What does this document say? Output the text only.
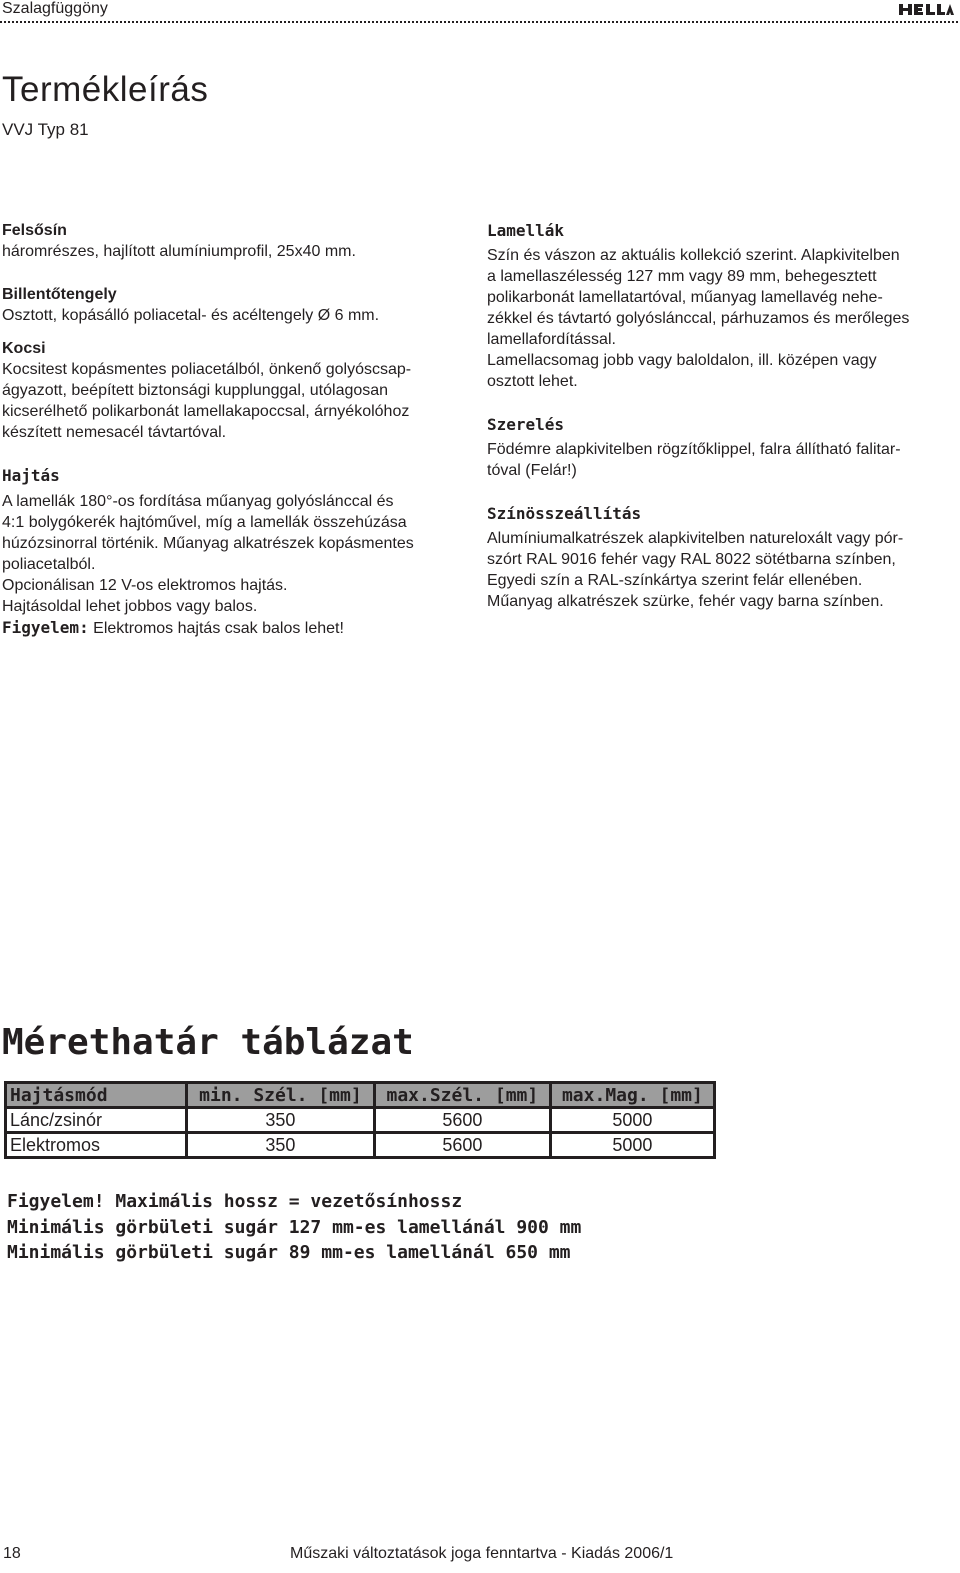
Szalagfüggöny
Termékleírás

VVJ Typ 81

Felsősín

háromrészes, hajlított alumíniumprofil, 25x40 mm.

Billentőtengely

Osztott, kopásálló poliacetal- és acéltengely Ø 6 mm.

Kocsi

Kocsitest kopásmentes poliacetálból, önkenő golyóscsap-
ágyazott, beépített biztonsági kupplunggal, utólagosan
kicserélhető polikarbonát lamellakapoccsal, árnyékolóhoz
készített nemesacél távtartóval.

Hajtás

A lamellák 180°-os fordítása műanyag golyóslánccal és
4:1 bolygókerék hajtóművel, míg a lamellák összehúzása
húzózsinorral történik. Műanyag alkatrészek kopásmentes
poliacetalból.
Opcionálisan 12 V-os elektromos hajtás.
Hajtásoldal lehet jobbos vagy balos.

Figyelem: Elektromos hajtás csak balos lehet!

Lamellák

Szín és vászon az aktuális kollekció szerint. Alapkivitelben
a lamellaszélesség 127 mm vagy 89 mm, behegesztett
polikarbonát lamellatartóval, műanyag lamellavég nehe-
zékkel és távtartó golyóslánccal, párhuzamos és merőleges
lamellafordítással.
Lamellacsomag jobb vagy baloldalon, ill. középen vagy
osztott lehet.

Szerelés

Födémre alapkivitelben rögzítőklippel, falra állítható falitar-
tóval (Felár!)

Színösszeállítás

Alumíniumalkatrészek alapkivitelben natureloxált vagy pór-
szórt RAL 9016 fehér vagy RAL 8022 sötétbarna színben,
Egyedi szín a RAL-színkártya szerint felár ellenében.
Műanyag alkatrészek szürke, fehér vagy barna színben.

Mérethatár táblázat
Hajtásmód	min. Szél. [mm]	max.Szél. [mm]	max.Mag. [mm]
Lánc/zsinór	350	5600	5000
Elektromos	350	5600	5000
Figyelem! Maximális hossz = vezetősínhossz
Minimális görbületi sugár 127 mm-es lamellánál 900 mm
Minimális görbületi sugár 89 mm-es lamellánál 650 mm
18	Műszaki változtatások joga fenntartva - Kiadás 2006/1
